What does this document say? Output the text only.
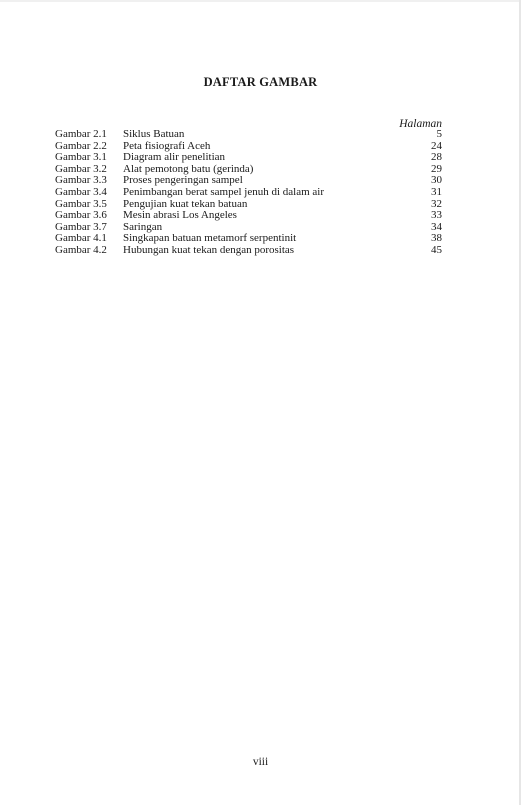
DAFTAR GAMBAR
Halaman
Gambar 2.1	Siklus Batuan	5
Gambar 2.2	Peta fisiografi Aceh	24
Gambar 3.1	Diagram alir penelitian	28
Gambar 3.2	Alat pemotong batu (gerinda)	29
Gambar 3.3	Proses pengeringan sampel	30
Gambar 3.4	Penimbangan berat sampel jenuh di dalam air	31
Gambar 3.5	Pengujian kuat tekan batuan	32
Gambar 3.6	Mesin abrasi Los Angeles	33
Gambar 3.7	Saringan	34
Gambar 4.1	Singkapan batuan metamorf serpentinit	38
Gambar 4.2	Hubungan kuat tekan dengan porositas	45
viii
